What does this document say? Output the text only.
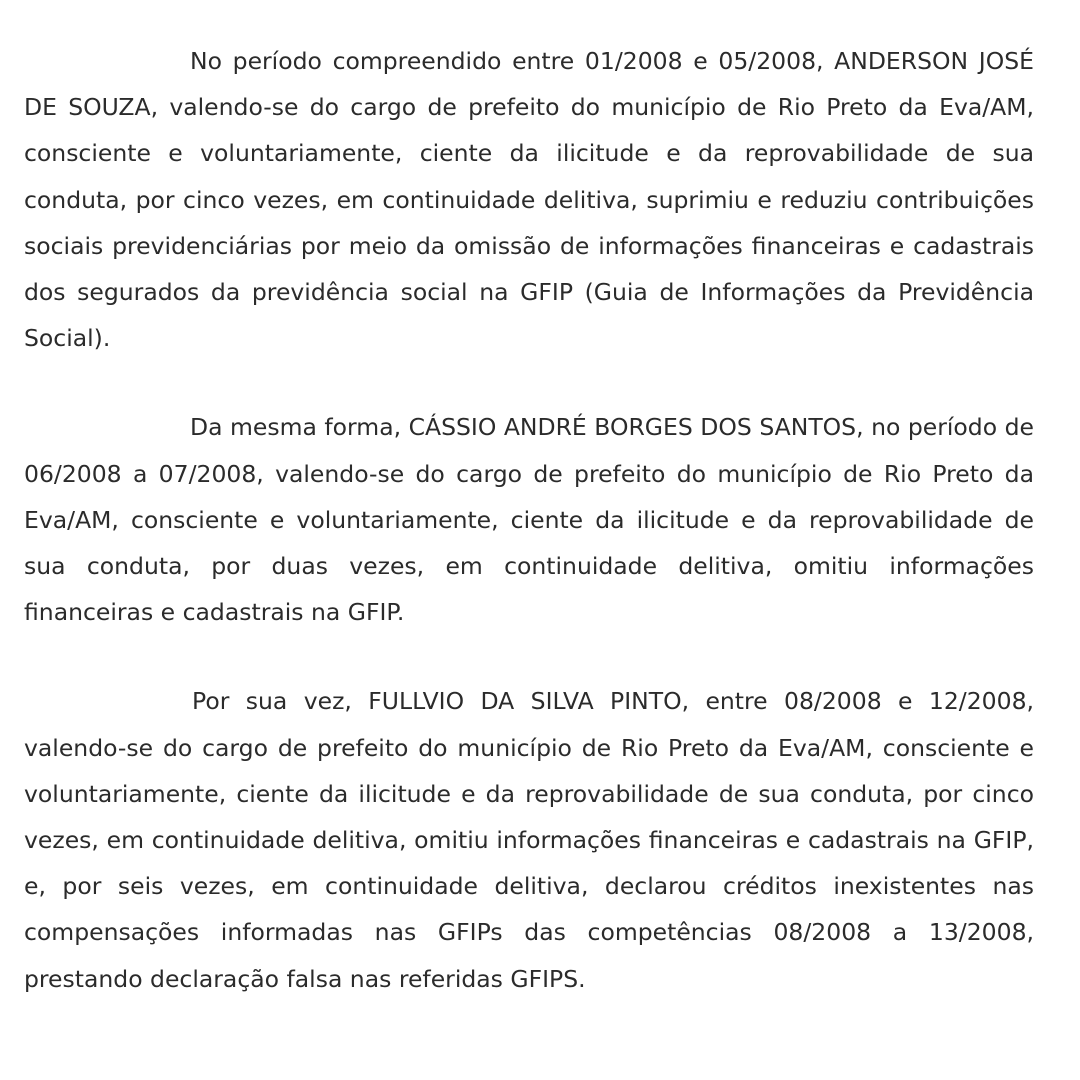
No período compreendido entre 01/2008 e 05/2008, ANDERSON JOSÉ DE SOUZA, valendo-se do cargo de prefeito do município de Rio Preto da Eva/AM, consciente e voluntariamente, ciente da ilicitude e da reprovabilidade de sua conduta, por cinco vezes, em continuidade delitiva, suprimiu e reduziu contribuições sociais previdenciárias por meio da omissão de informações financeiras e cadastrais dos segurados da previdência social na GFIP (Guia de Informações da Previdência Social).

Da mesma forma, CÁSSIO ANDRÉ BORGES DOS SANTOS, no período de 06/2008 a 07/2008, valendo-se do cargo de prefeito do município de Rio Preto da Eva/AM, consciente e voluntariamente, ciente da ilicitude e da reprovabilidade de sua conduta, por duas vezes, em continuidade delitiva, omitiu informações financeiras e cadastrais na GFIP.

Por sua vez, FULLVIO DA SILVA PINTO, entre 08/2008 e 12/2008, valendo-se do cargo de prefeito do município de Rio Preto da Eva/AM, consciente e voluntariamente, ciente da ilicitude e da reprovabilidade de sua conduta, por cinco vezes, em continuidade delitiva, omitiu informações financeiras e cadastrais na GFIP, e, por seis vezes, em continuidade delitiva, declarou créditos inexistentes nas compensações informadas nas GFIPs das competências 08/2008 a 13/2008, prestando declaração falsa nas referidas GFIPS.
